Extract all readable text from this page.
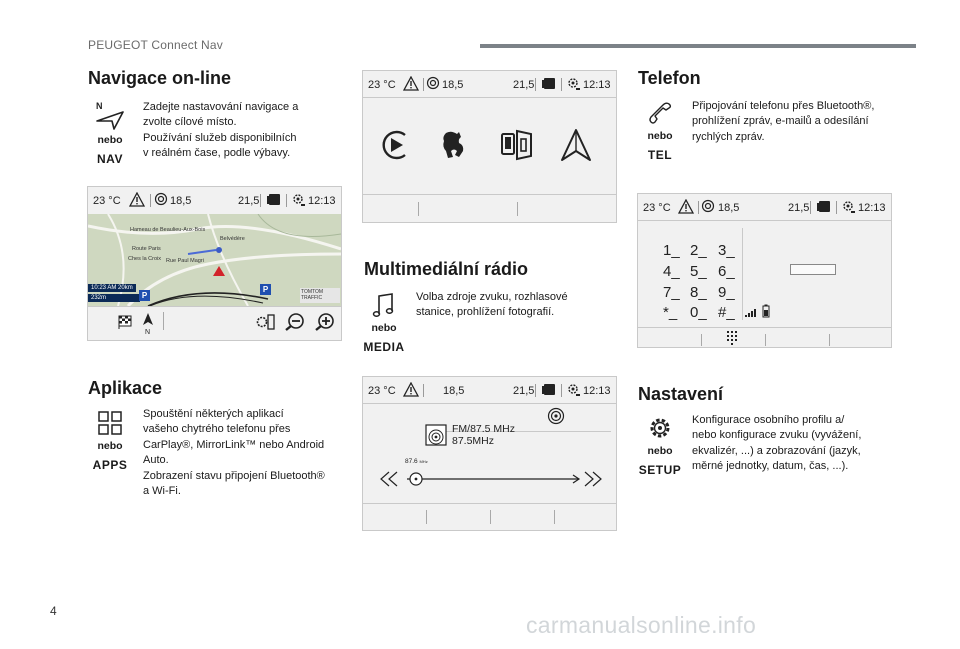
PEUGEOT Connect Nav
Navigace on-line
N
nebo
NAV
Zadejte nastavování navigace a
zvolte cílové místo.
Používání služeb disponibilních
v reálném čase, podle výbavy.
23 °C	18,5	21,5	12:13
Hameau de Beaulieu-Aux-Bois
Belvédère
Rue Paul Magri
Route Paris
Ches la Croix
10:23 AM 20km
232m	P
P	TOMTOM
TRAFFIC
N
Aplikace
nebo
APPS
Spouštění některých aplikací
vašeho chytrého telefonu přes
CarPlay®, MirrorLink™ nebo Android
Auto.
Zobrazení stavu připojení Bluetooth®
a Wi-Fi.
23 °C	18,5	21,5	12:13
Multimediální rádio
nebo
MEDIA
Volba zdroje zvuku, rozhlasové
stanice, prohlížení fotografií.
23 °C	18,5	21,5	12:13
FM/87.5 MHz
87.5MHz
87.6 MHz
Telefon
nebo
TEL
Připojování telefonu přes Bluetooth®,
prohlížení zpráv, e-mailů a odesílání
rychlých zpráv.
23 °C	18,5	21,5	12:13
1_ 2_ 3_
4_ 5_ 6_
7_ 8_ 9_
*_ 0_ #_
Nastavení
nebo
SETUP
Konfigurace osobního profilu a/
nebo konfigurace zvuku (vyvážení,
ekvalizér, ...) a zobrazování (jazyk,
měrné jednotky, datum, čas, ...).
4
carmanualsonline.info
